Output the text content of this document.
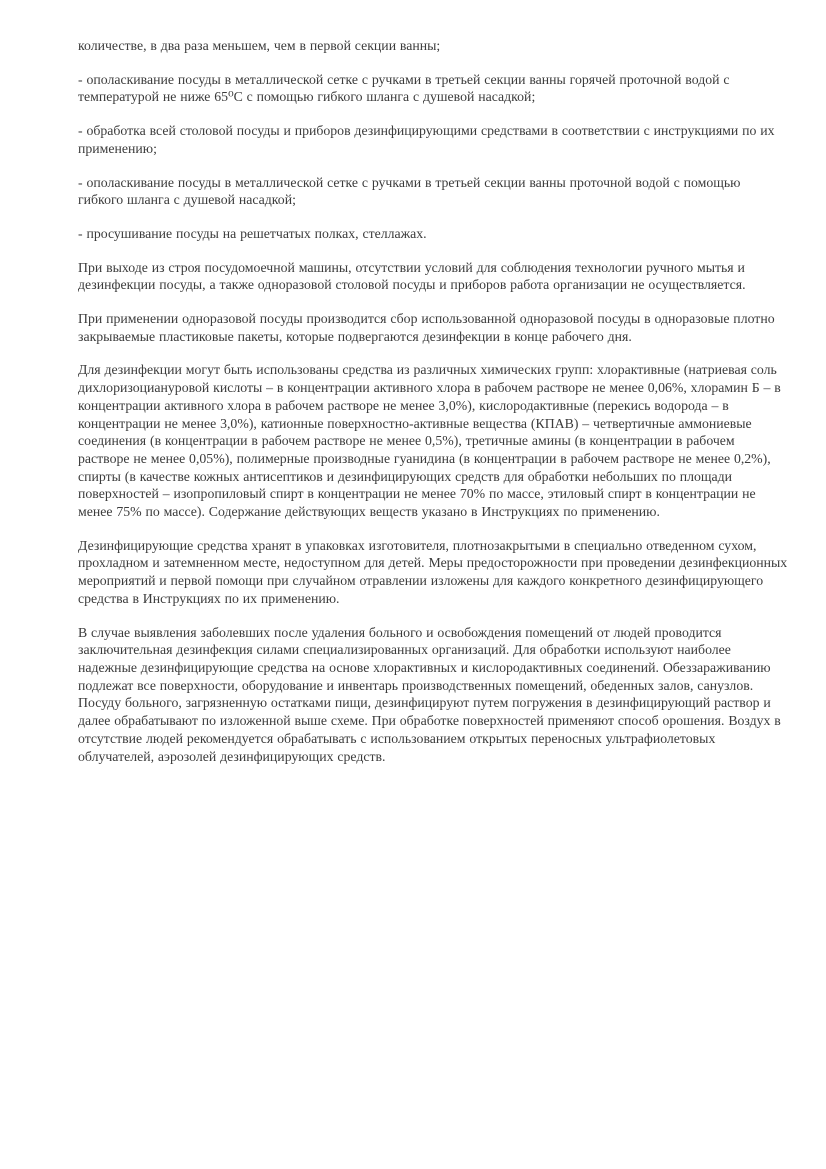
количестве, в два раза меньшем, чем в первой секции ванны;

- ополаскивание посуды в металлической сетке с ручками в третьей секции ванны горячей проточной водой с температурой не ниже 65⁰С с помощью гибкого шланга с душевой насадкой;

- обработка всей столовой посуды и приборов дезинфицирующими средствами в соответствии с инструкциями по их применению;

- ополаскивание посуды в металлической сетке с ручками в третьей секции ванны проточной водой с помощью гибкого шланга с душевой насадкой;

- просушивание посуды на решетчатых полках, стеллажах.

При выходе из строя посудомоечной машины, отсутствии условий для соблюдения технологии ручного мытья и дезинфекции посуды, а также одноразовой столовой посуды и приборов работа организации не осуществляется.

При применении одноразовой посуды производится сбор использованной одноразовой посуды в одноразовые плотно закрываемые пластиковые пакеты, которые подвергаются дезинфекции в конце рабочего дня.

Для дезинфекции могут быть использованы средства из различных химических групп: хлорактивные (натриевая соль дихлоризоциануровой кислоты – в концентрации активного хлора в рабочем растворе не менее 0,06%, хлорамин Б – в концентрации активного хлора в рабочем растворе не менее 3,0%), кислородактивные (перекись водорода – в концентрации не менее 3,0%), катионные поверхностно-активные вещества (КПАВ) – четвертичные аммониевые соединения (в концентрации в рабочем растворе не менее 0,5%), третичные амины (в концентрации в рабочем растворе не менее 0,05%), полимерные производные гуанидина (в концентрации в рабочем растворе не менее 0,2%), спирты (в качестве кожных антисептиков и дезинфицирующих средств для обработки небольших по площади поверхностей – изопропиловый спирт в концентрации не менее 70% по массе, этиловый спирт в концентрации не менее 75% по массе). Содержание действующих веществ указано в Инструкциях по применению.

Дезинфицирующие средства хранят в упаковках изготовителя, плотнозакрытыми в специально отведенном сухом, прохладном и затемненном месте, недоступном для детей. Меры предосторожности при проведении дезинфекционных мероприятий и первой помощи при случайном отравлении изложены для каждого конкретного дезинфицирующего средства в Инструкциях по их применению.

В случае выявления заболевших после удаления больного и освобождения помещений от людей проводится заключительная дезинфекция силами специализированных организаций. Для обработки используют наиболее надежные дезинфицирующие средства на основе хлорактивных и кислородактивных соединений. Обеззараживанию подлежат все поверхности, оборудование и инвентарь производственных помещений, обеденных залов, санузлов. Посуду больного, загрязненную остатками пищи, дезинфицируют путем погружения в дезинфицирующий раствор и далее обрабатывают по изложенной выше схеме. При обработке поверхностей применяют способ орошения. Воздух в отсутствие людей рекомендуется обрабатывать с использованием открытых переносных ультрафиолетовых облучателей, аэрозолей дезинфицирующих средств.
